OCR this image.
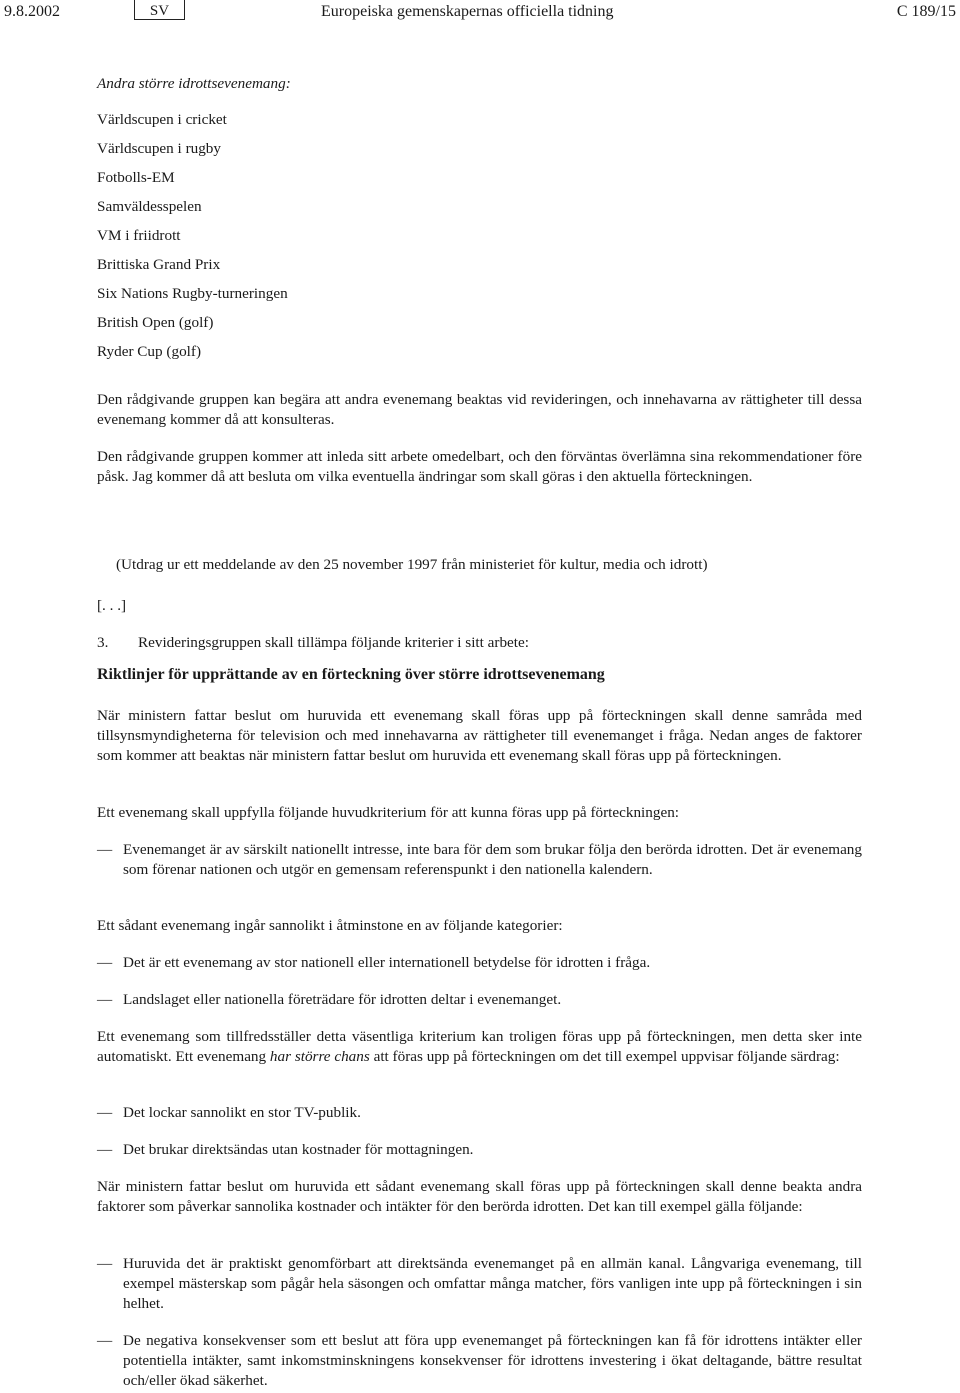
9.8.2002	SV	Europeiska gemenskapernas officiella tidning	C 189/15

Andra större idrottsevenemang:

Världscupen i cricket

Världscupen i rugby

Fotbolls-EM

Samväldesspelen

VM i friidrott

Brittiska Grand Prix

Six Nations Rugby-turneringen

British Open (golf)

Ryder Cup (golf)

Den rådgivande gruppen kan begära att andra evenemang beaktas vid revideringen, och innehavarna av rättigheter till dessa evenemang kommer då att konsulteras.

Den rådgivande gruppen kommer att inleda sitt arbete omedelbart, och den förväntas överlämna sina rekommendationer före påsk. Jag kommer då att besluta om vilka eventuella ändringar som skall göras i den aktuella förteckningen.

(Utdrag ur ett meddelande av den 25 november 1997 från ministeriet för kultur, media och idrott)

[. . .]

3. Revideringsgruppen skall tillämpa följande kriterier i sitt arbete:

Riktlinjer för upprättande av en förteckning över större idrottsevenemang

När ministern fattar beslut om huruvida ett evenemang skall föras upp på förteckningen skall denne samråda med tillsynsmyndigheterna för television och med innehavarna av rättigheter till evenemanget i fråga. Nedan anges de faktorer som kommer att beaktas när ministern fattar beslut om huruvida ett evenemang skall föras upp på förteckningen.

Ett evenemang skall uppfylla följande huvudkriterium för att kunna föras upp på förteckningen:

— Evenemanget är av särskilt nationellt intresse, inte bara för dem som brukar följa den berörda idrotten. Det är evenemang som förenar nationen och utgör en gemensam referenspunkt i den nationella kalendern.

Ett sådant evenemang ingår sannolikt i åtminstone en av följande kategorier:

— Det är ett evenemang av stor nationell eller internationell betydelse för idrotten i fråga.
— Landslaget eller nationella företrädare för idrotten deltar i evenemanget.

Ett evenemang som tillfredsställer detta väsentliga kriterium kan troligen föras upp på förteckningen, men detta sker inte automatiskt. Ett evenemang har större chans att föras upp på förteckningen om det till exempel uppvisar följande särdrag:

— Det lockar sannolikt en stor TV-publik.
— Det brukar direktsändas utan kostnader för mottagningen.

När ministern fattar beslut om huruvida ett sådant evenemang skall föras upp på förteckningen skall denne beakta andra faktorer som påverkar sannolika kostnader och intäkter för den berörda idrotten. Det kan till exempel gälla följande:

— Huruvida det är praktiskt genomförbart att direktsända evenemanget på en allmän kanal. Långvariga evenemang, till exempel mästerskap som pågår hela säsongen och omfattar många matcher, förs vanligen inte upp på förteckningen i sin helhet.
— De negativa konsekvenser som ett beslut att föra upp evenemanget på förteckningen kan få för idrottens intäkter eller potentiella intäkter, samt inkomstminskningens konsekvenser för idrottens investering i ökat deltagande, bättre resultat och/eller ökad säkerhet.
